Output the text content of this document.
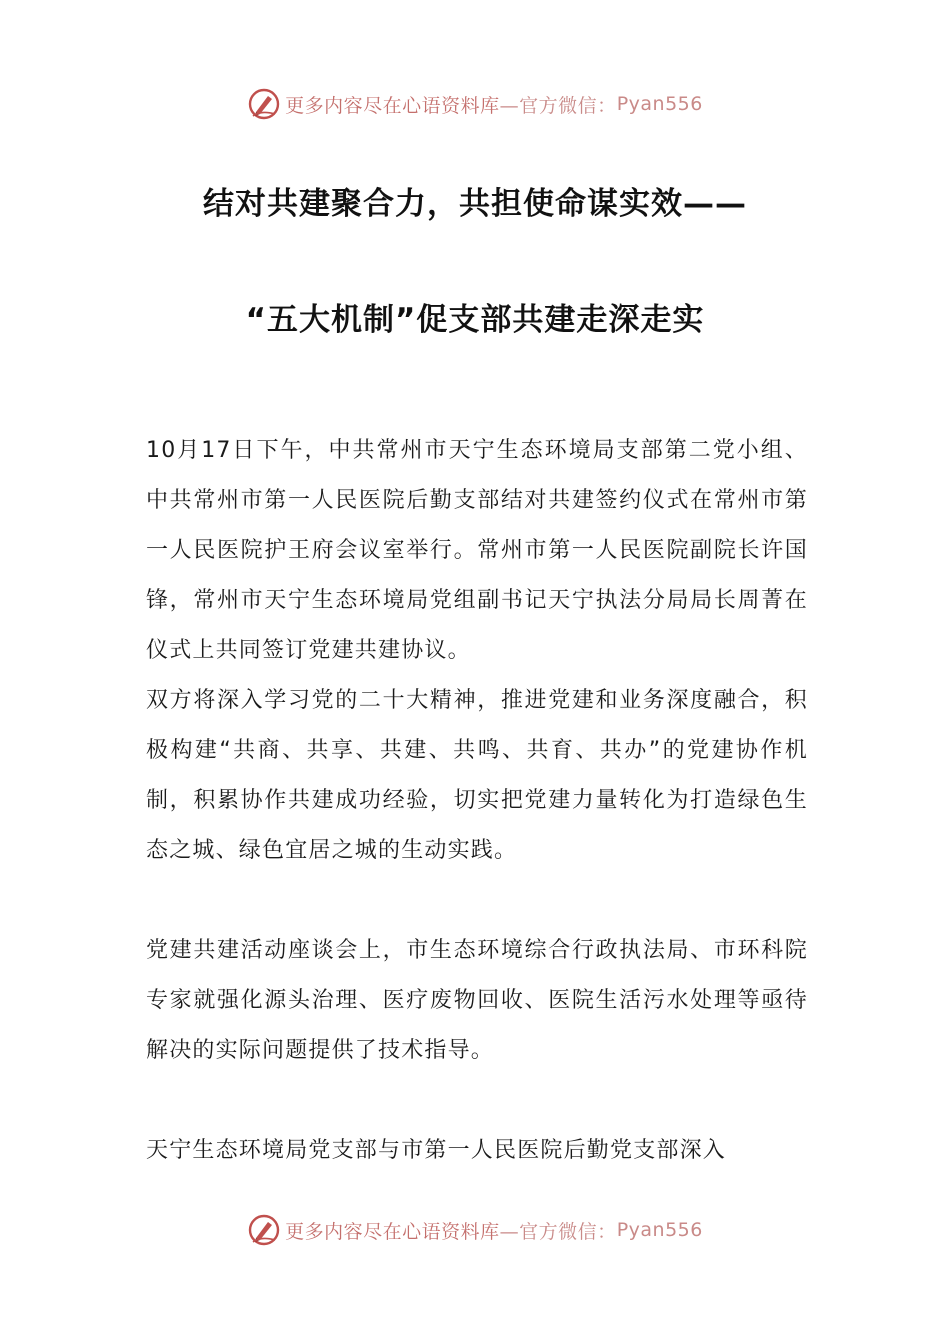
更多内容尽在心语资料库 —官方微信： Pyan556
结对共建聚合力，共担使命谋实效——
“五大机制”促支部共建走深走实

10月17日下午，中共常州市天宁生态环境局支部第二党小组、中共常州市第一人民医院后勤支部结对共建签约仪式在常州市第一人民医院护王府会议室举行。常州市第一人民医院副院长许国锋，常州市天宁生态环境局党组副书记天宁执法分局局长周菁在仪式上共同签订党建共建协议。

双方将深入学习党的二十大精神，推进党建和业务深度融合，积极构建“共商、共享、共建、共鸣、共育、共办”的党建协作机制，积累协作共建成功经验，切实把党建力量转化为打造绿色生态之城、绿色宜居之城的生动实践。

党建共建活动座谈会上，市生态环境综合行政执法局、市环科院专家就强化源头治理、医疗废物回收、医院生活污水处理等亟待解决的实际问题提供了技术指导。

天宁生态环境局党支部与市第一人民医院后勤党支部深入

更多内容尽在心语资料库 —官方微信： Pyan556
